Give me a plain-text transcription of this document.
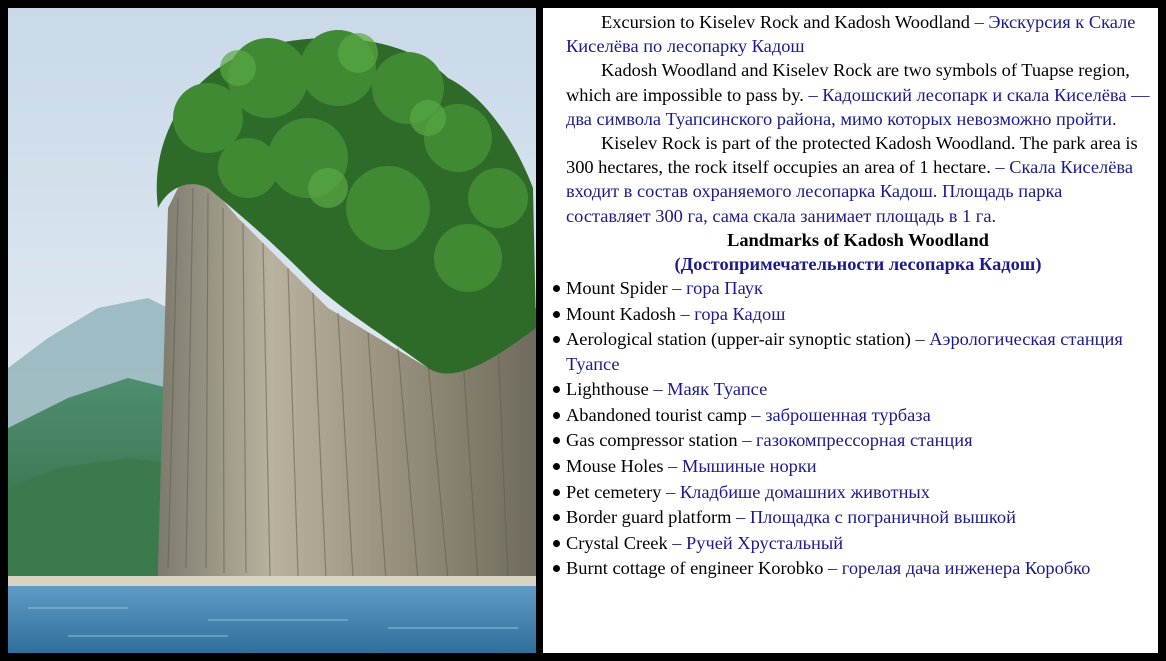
Excursion to Kiselev Rock and Kadosh Woodland – Экскурсия к Скале Киселёва по лесопарку Кадош

Kadosh Woodland and Kiselev Rock are two symbols of Tuapse region, which are impossible to pass by. – Кадошский лесопарк и скала Киселёва — два символа Туапсинского района, мимо которых невозможно пройти.

Kiselev Rock is part of the protected Kadosh Woodland. The park area is 300 hectares, the rock itself occupies an area of 1 hectare. – Скала Киселёва входит в состав охраняемого лесопарка Кадош. Площадь парка составляет 300 га, сама скала занимает площадь в 1 га.

Landmarks of Kadosh Woodland
(Достопримечательности лесопарка Кадош)

Mount Spider – гора Паук
Mount Kadosh – гора Кадош
Aerological station (upper-air synoptic station) – Аэрологическая станция Туапсе
Lighthouse – Маяк Туапсе
Abandoned tourist camp – заброшенная турбаза
Gas compressor station – газокомпрессорная станция
Mouse Holes – Мышиные норки
Pet cemetery – Кладбише домашних животных
Border guard platform – Площадка с пограничной вышкой
Crystal Creek – Ручей Хрустальный
Burnt cottage of engineer Korobko – горелая дача инженера Коробко
